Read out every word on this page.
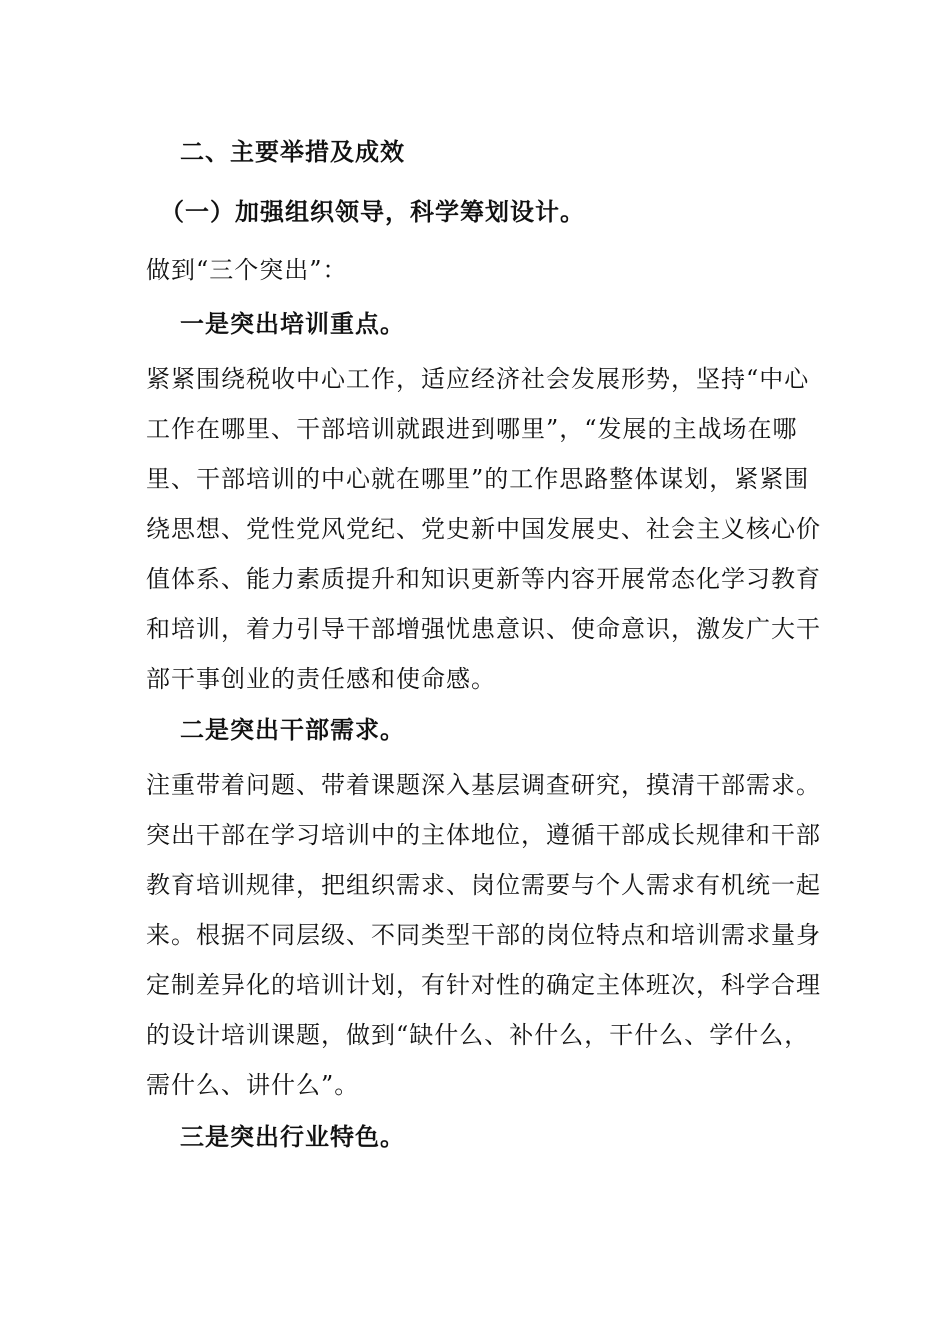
二、主要举措及成效
（一）加强组织领导，科学筹划设计。
做到“三个突出”：
一是突出培训重点。
紧紧围绕税收中心工作，适应经济社会发展形势，坚持“中心
工作在哪里、干部培训就跟进到哪里”，“发展的主战场在哪
里、干部培训的中心就在哪里”的工作思路整体谋划，紧紧围
绕思想、党性党风党纪、党史新中国发展史、社会主义核心价
值体系、能力素质提升和知识更新等内容开展常态化学习教育
和培训，着力引导干部增强忧患意识、使命意识，激发广大干
部干事创业的责任感和使命感。
二是突出干部需求。
注重带着问题、带着课题深入基层调查研究，摸清干部需求。
突出干部在学习培训中的主体地位，遵循干部成长规律和干部
教育培训规律，把组织需求、岗位需要与个人需求有机统一起
来。根据不同层级、不同类型干部的岗位特点和培训需求量身
定制差异化的培训计划，有针对性的确定主体班次，科学合理
的设计培训课题，做到“缺什么、补什么，干什么、学什么，
需什么、讲什么”。
三是突出行业特色。
